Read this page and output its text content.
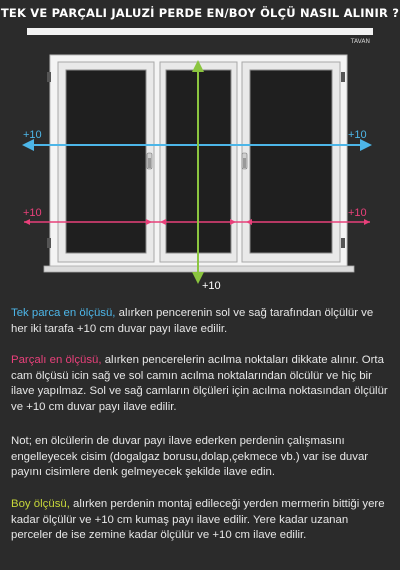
TEK VE PARÇALI JALUZİ PERDE EN/BOY ÖLÇÜ NASIL ALINIR ?
TAVAN
+10	+10
+10	+10
+10
Tek parca en ölçüsü, alırken pencerenin sol ve sağ tarafından ölçülür ve her iki tarafa +10 cm duvar payı ilave edilir.
Parçalı en ölçüsü, alırken pencerelerin acılma noktaları dikkate alınır. Orta cam ölçüsü icin sağ ve sol camın acılma noktalarından ölcülür ve hiç bir ilave yapılmaz. Sol ve sağ camların ölçüleri için acılma noktasından ölçülür ve +10 cm duvar payı ilave edilir.
Not; en ölcülerin de duvar payı ilave ederken perdenin çalışmasını engelleyecek cisim (dogalgaz borusu,dolap,çekmece vb.) var ise duvar payını cisimlere denk gelmeyecek şekilde ilave edin.
Boy ölçüsü, alırken perdenin montaj edileceği yerden mermerin bittiği yere kadar ölçülür ve +10 cm kumaş payı ilave edilir. Yere kadar uzanan perceler de ise zemine kadar ölçülür ve +10 cm ilave edilir.
